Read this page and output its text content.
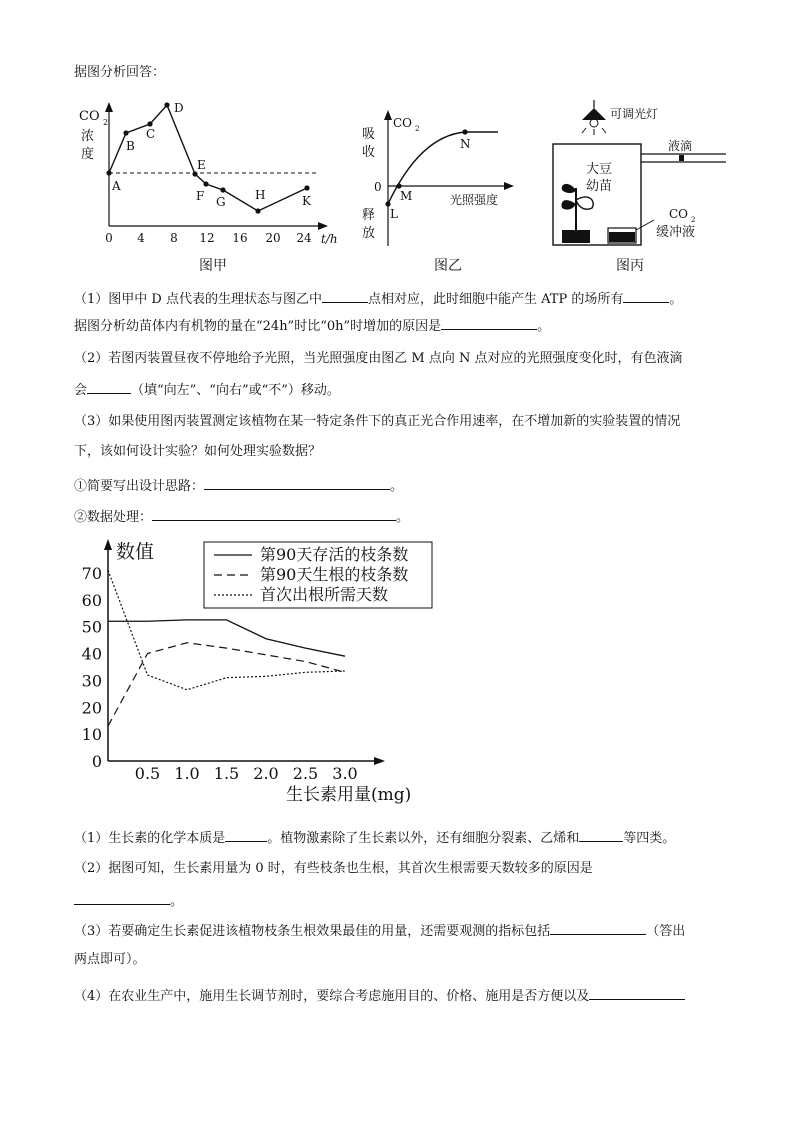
据图分析回答：
CO 2
浓
度
A
B
C
D
E
F G H	K
0 4 8 12 16 20 24 t/h
图甲
CO 2
吸
收
释
放
0
L
M
N
光照强度
图乙
可调光灯
液滴
大豆
幼苗
CO 2
缓冲液
图丙
（1）图甲中 D 点代表的生理状态与图乙中	点相对应，此时细胞中能产生 ATP 的场所有	。
据图分析幼苗体内有机物的量在“24h”时比“0h”时增加的原因是	。
（2）若图丙装置昼夜不停地给予光照，当光照强度由图乙 M 点向 N 点对应的光照强度变化时，有色液滴
会	（填“向左”、“向右”或“不”）移动。
（3）如果使用图丙装置测定该植物在某一特定条件下的真正光合作用速率，在不增加新的实验装置的情况
下，该如何设计实验？如何处理实验数据？
①简要写出设计思路：	。
②数据处理：	。
数值
生长素用量(mg)
0
10
20
30
40
50
60
70
0.5 1.0 1.5 2.0 2.5 3.0
第90天存活的枝条数
第90天生根的枝条数
首次出根所需天数
（1）生长素的化学本质是	。植物激素除了生长素以外，还有细胞分裂素、乙烯和	等四类。
（2）据图可知，生长素用量为 0 时，有些枝条也生根，其首次生根需要天数较多的原因是
。
（3）若要确定生长素促进该植物枝条生根效果最佳的用量，还需要观测的指标包括	（答出
两点即可）。
（4）在农业生产中，施用生长调节剂时，要综合考虑施用目的、价格、施用是否方便以及
